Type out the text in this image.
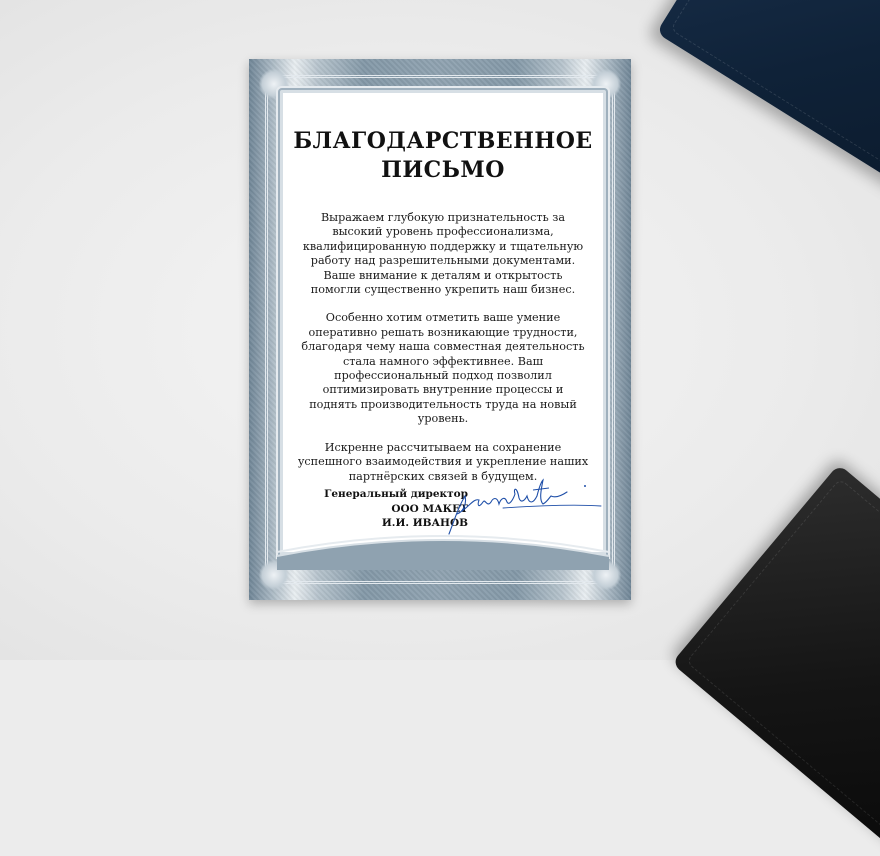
БЛАГОДАРСТВЕННОЕ
ПИСЬМО

Выражаем глубокую признательность за высокий уровень профессионализма, квалифицированную поддержку и тщательную работу над разрешительными документами. Ваше внимание к деталям и открытость помогли существенно укрепить наш бизнес.

Особенно хотим отметить ваше умение оперативно решать возникающие трудности, благодаря чему наша совместная деятельность стала намного эффективнее. Ваш профессиональный подход позволил оптимизировать внутренние процессы и поднять производительность труда на новый уровень.

Искренне рассчитываем на сохранение успешного взаимодействия и укрепление наших партнёрских связей в будущем.

Генеральный директор
ООО МАКЕТ
И.И. ИВАНОВ
